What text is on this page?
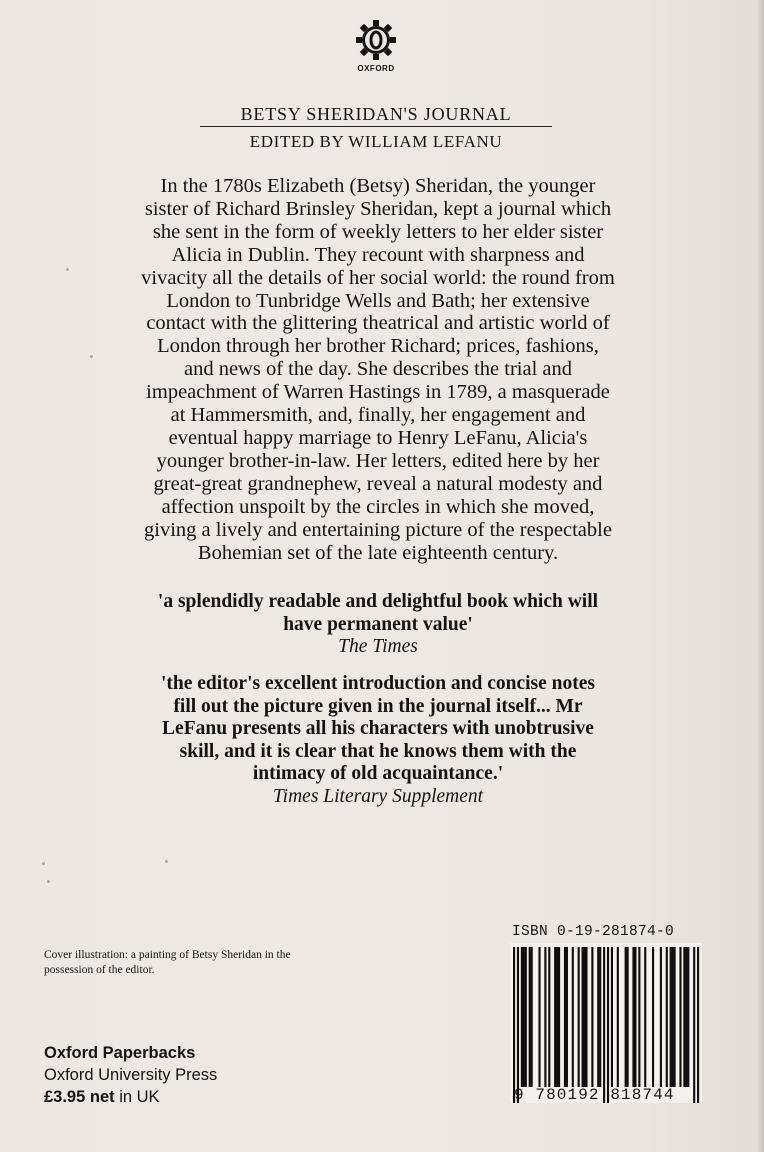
OXFORD
BETSY SHERIDAN'S JOURNAL
EDITED BY WILLIAM LEFANU
In the 1780s Elizabeth (Betsy) Sheridan, the younger
sister of Richard Brinsley Sheridan, kept a journal which
she sent in the form of weekly letters to her elder sister
Alicia in Dublin. They recount with sharpness and
vivacity all the details of her social world: the round from
London to Tunbridge Wells and Bath; her extensive
contact with the glittering theatrical and artistic world of
London through her brother Richard; prices, fashions,
and news of the day. She describes the trial and
impeachment of Warren Hastings in 1789, a masquerade
at Hammersmith, and, finally, her engagement and
eventual happy marriage to Henry LeFanu, Alicia's
younger brother-in-law. Her letters, edited here by her
great-great grandnephew, reveal a natural modesty and
affection unspoilt by the circles in which she moved,
giving a lively and entertaining picture of the respectable
Bohemian set of the late eighteenth century.
'a splendidly readable and delightful book which will
have permanent value'
The Times
'the editor's excellent introduction and concise notes
fill out the picture given in the journal itself... Mr
LeFanu presents all his characters with unobtrusive
skill, and it is clear that he knows them with the
intimacy of old acquaintance.'
Times Literary Supplement
Cover illustration: a painting of Betsy Sheridan in the
possession of the editor.
Oxford Paperbacks
Oxford University Press
£3.95 net in UK
ISBN 0-19-281874-0
9 780192 818744
